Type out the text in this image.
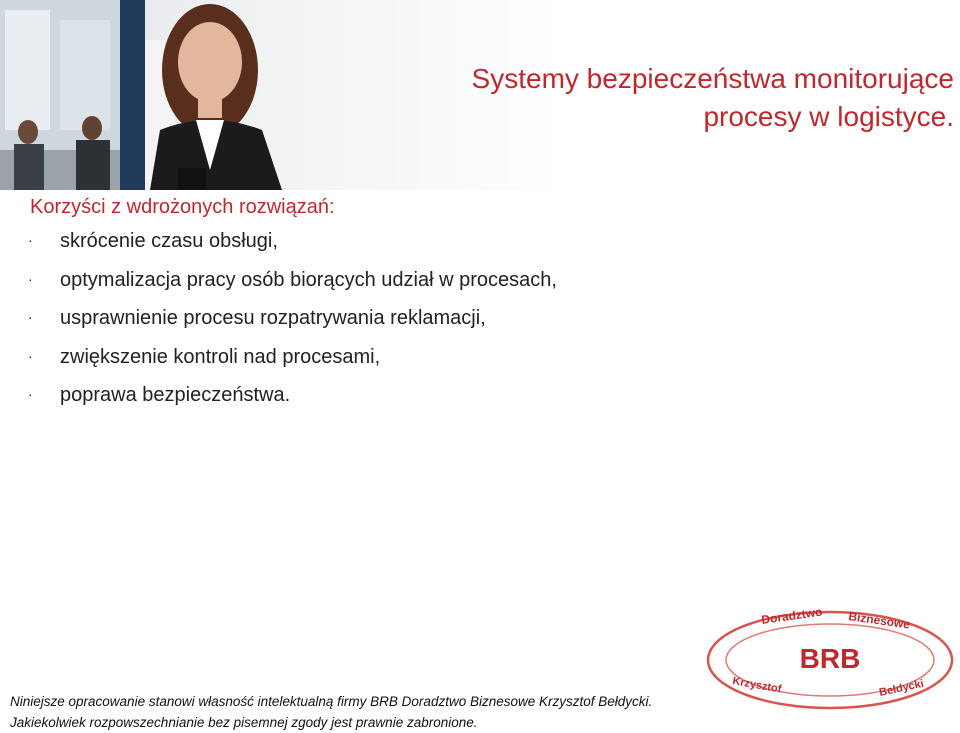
Systemy bezpieczeństwa monitorujące
procesy w logistyce.
Korzyści z wdrożonych rozwiązań:
· skrócenie czasu obsługi,
· optymalizacja pracy osób biorących udział w procesach,
· usprawnienie procesu rozpatrywania reklamacji,
· zwiększenie kontroli nad procesami,
· poprawa bezpieczeństwa.
Niniejsze opracowanie stanowi własność intelektualną firmy BRB Doradztwo Biznesowe Krzysztof Bełdycki.
Jakiekolwiek rozpowszechnianie bez pisemnej zgody jest prawnie zabronione.
BRB
Doradztwo Biznesowe
Krzysztof	Bełdycki
